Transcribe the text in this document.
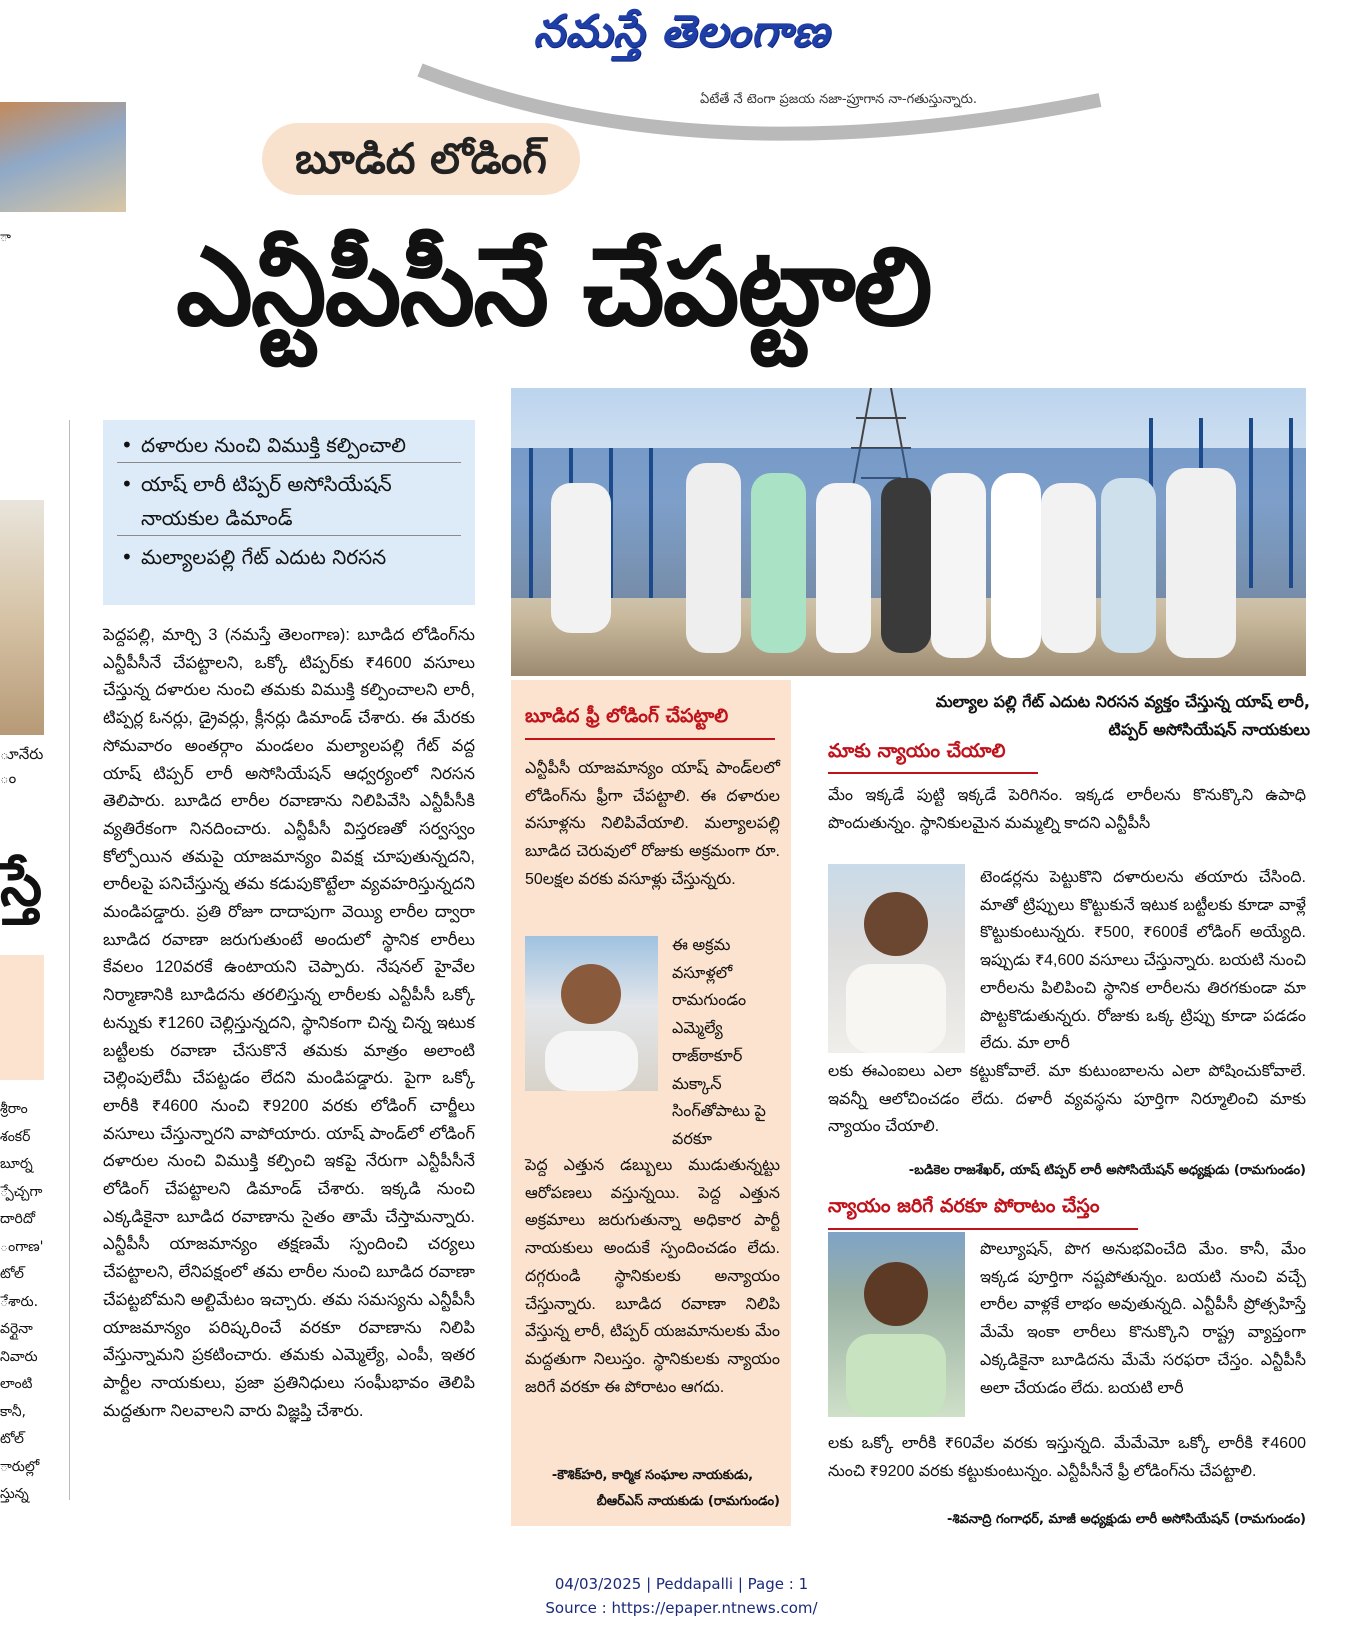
నమస్తే తెలంగాణ
ఏటేతే నే టెంగా ప్రజయ నజా-ప్రూగాన నా-గతుస్తున్నారు.
ా
ూనేరు
ం
స్తే
శ్రీరాం
శంకర్
బూర్న
్పేచ్చగా
దారిదో
ంగాణ'
టోల్
ేశారు.
వర్గైనా
నివారు
లాంటి
కానీ,
టోల్
ారుల్లో
స్తున్న
బూడిద లోడింగ్
ఎన్టీపీసీనే చేపట్టాలి
• దళారుల నుంచి విముక్తి కల్పించాలి
• యాష్ లారీ టిప్పర్ అసోసియేషన్ నాయకుల డిమాండ్
• మల్యాలపల్లి గేట్ ఎదుట నిరసన
మల్యాల పల్లి గేట్ ఎదుట నిరసన వ్యక్తం చేస్తున్న యాష్ లారీ,
టిప్పర్ అసోసియేషన్ నాయకులు
పెద్దపల్లి, మార్చి 3 (నమస్తే తెలంగాణ): బూడిద లోడింగ్‌ను ఎన్టీపీసీనే చేపట్టాలని, ఒక్కో టిప్పర్‌కు ₹4600 వసూలు చేస్తున్న దళారుల నుంచి తమకు విముక్తి కల్పించాలని లారీ, టిప్పర్ల ఓనర్లు, డ్రైవర్లు, క్లీనర్లు డిమాండ్ చేశారు. ఈ మేరకు సోమవారం అంతర్గాం మండలం మల్యాలపల్లి గేట్ వద్ద యాష్ టిప్పర్ లారీ అసోసియేషన్ ఆధ్వర్యంలో నిరసన తెలిపారు. బూడిద లారీల రవాణాను నిలిపివేసి ఎన్టీపీసీకి వ్యతిరేకంగా నినదించారు. ఎన్టీపీసీ విస్తరణతో సర్వస్వం కోల్పోయిన తమపై యాజమాన్యం వివక్ష చూపుతున్నదని, లారీలపై పనిచేస్తున్న తమ కడుపుకొట్టేలా వ్యవహరిస్తున్నదని మండిపడ్డారు. ప్రతి రోజూ దాదాపుగా వెయ్యి లారీల ద్వారా బూడిద రవాణా జరుగుతుంటే అందులో స్థానిక లారీలు కేవలం 120వరకే ఉంటాయని చెప్పారు. నేషనల్ హైవేల నిర్మాణానికి బూడిదను తరలిస్తున్న లారీలకు ఎన్టీపీసీ ఒక్కో టన్నుకు ₹1260 చెల్లిస్తున్నదని, స్థానికంగా చిన్న చిన్న ఇటుక బట్టీలకు రవాణా చేసుకొనే తమకు మాత్రం అలాంటి చెల్లింపులేమీ చేపట్టడం లేదని మండిపడ్డారు. పైగా ఒక్కో లారీకి ₹4600 నుంచి ₹9200 వరకు లోడింగ్ చార్జీలు వసూలు చేస్తున్నారని వాపోయారు. యాష్ పాండ్‌లో లోడింగ్ దళారుల నుంచి విముక్తి కల్పించి ఇకపై నేరుగా ఎన్టీపీసీనే లోడింగ్ చేపట్టాలని డిమాండ్ చేశారు. ఇక్కడి నుంచి ఎక్కడికైనా బూడిద రవాణాను సైతం తామే చేస్తామన్నారు. ఎన్టీపీసీ యాజమాన్యం తక్షణమే స్పందించి చర్యలు చేపట్టాలని, లేనిపక్షంలో తమ లారీల నుంచి బూడిద రవాణా చేపట్టబోమని అల్టిమేటం ఇచ్చారు. తమ సమస్యను ఎన్టీపీసీ యాజమాన్యం పరిష్కరించే వరకూ రవాణాను నిలిపి వేస్తున్నామని ప్రకటించారు. తమకు ఎమ్మెల్యే, ఎంపీ, ఇతర పార్టీల నాయకులు, ప్రజా ప్రతినిధులు సంఘీభావం తెలిపి మద్దతుగా నిలవాలని వారు విజ్ఞప్తి చేశారు.
బూడిద ఫ్రీ లోడింగ్ చేపట్టాలి
ఎన్టీపీసీ యాజమాన్యం యాష్ పాండ్‌లలో లోడింగ్‌ను ఫ్రీగా చేపట్టాలి. ఈ దళారుల వసూళ్లను నిలిపివేయాలి. మల్యాలపల్లి బూడిద చెరువులో రోజుకు అక్రమంగా రూ. 50లక్షల వరకు వసూళ్లు చేస్తున్నరు.
ఈ అక్రమ వసూళ్లలో రామగుండం ఎమ్మెల్యే రాజ్‌ఠాకూర్ మక్కాన్ సింగ్‌తోపాటు పై వరకూ
పెద్ద ఎత్తున డబ్బులు ముడుతున్నట్టు ఆరోపణలు వస్తున్నయి. పెద్ద ఎత్తున అక్రమాలు జరుగుతున్నా అధికార పార్టీ నాయకులు అందుకే స్పందించడం లేదు. దగ్గరుండి స్థానికులకు అన్యాయం చేస్తున్నారు. బూడిద రవాణా నిలిపి వేస్తున్న లారీ, టిప్పర్ యజమానులకు మేం మద్దతుగా నిలుస్తం. స్థానికులకు న్యాయం జరిగే వరకూ ఈ పోరాటం ఆగదు.
-కౌశిక్‌హరి, కార్మిక సంఘాల నాయకుడు,
బీఆర్‌ఎస్ నాయకుడు (రామగుండం)
మాకు న్యాయం చేయాలి
మేం ఇక్కడే పుట్టి ఇక్కడే పెరిగినం. ఇక్కడ లారీలను కొనుక్కొని ఉపాధి పొందుతున్నం. స్థానికులమైన మమ్మల్ని కాదని ఎన్టీపీసీ
టెండర్లను పెట్టుకొని దళారులను తయారు చేసింది. మాతో ట్రిప్పులు కొట్టుకునే ఇటుక బట్టీలకు కూడా వాళ్లే కొట్టుకుంటున్నరు. ₹500, ₹600కే లోడింగ్ అయ్యేది. ఇప్పుడు ₹4,600 వసూలు చేస్తున్నారు. బయటి నుంచి లారీలను పిలిపించి స్థానిక లారీలను తిరగకుండా మా పొట్టకొడుతున్నరు. రోజుకు ఒక్క ట్రిప్పు కూడా పడడం లేదు. మా లారీ
లకు ఈఎంఐలు ఎలా కట్టుకోవాలే. మా కుటుంబాలను ఎలా పోషించుకోవాలే. ఇవన్నీ ఆలోచించడం లేదు. దళారీ వ్యవస్థను పూర్తిగా నిర్మూలించి మాకు న్యాయం చేయాలి.
-బడికెల రాజశేఖర్, యాష్ టిప్పర్ లారీ అసోసియేషన్ అధ్యక్షుడు (రామగుండం)
న్యాయం జరిగే వరకూ పోరాటం చేస్తం
పొల్యూషన్, పొగ అనుభవించేది మేం. కానీ, మేం ఇక్కడ పూర్తిగా నష్టపోతున్నం. బయటి నుంచి వచ్చే లారీల వాళ్లకే లాభం అవుతున్నది. ఎన్టీపీసీ ప్రోత్సహిస్తే మేమే ఇంకా లారీలు కొనుక్కొని రాష్ట్ర వ్యాప్తంగా ఎక్కడికైనా బూడిదను మేమే సరఫరా చేస్తం. ఎన్టీపీసీ అలా చేయడం లేదు. బయటి లారీ
లకు ఒక్కో లారీకి ₹60వేల వరకు ఇస్తున్నది. మేమేమో ఒక్కో లారీకి ₹4600 నుంచి ₹9200 వరకు కట్టుకుంటున్నం. ఎన్టీపీసీనే ఫ్రీ లోడింగ్‌ను చేపట్టాలి.
-శివనాద్రి గంగాధర్, మాజీ అధ్యక్షుడు లారీ అసోసియేషన్ (రామగుండం)
04/03/2025 | Peddapalli | Page : 1
Source : https://epaper.ntnews.com/
